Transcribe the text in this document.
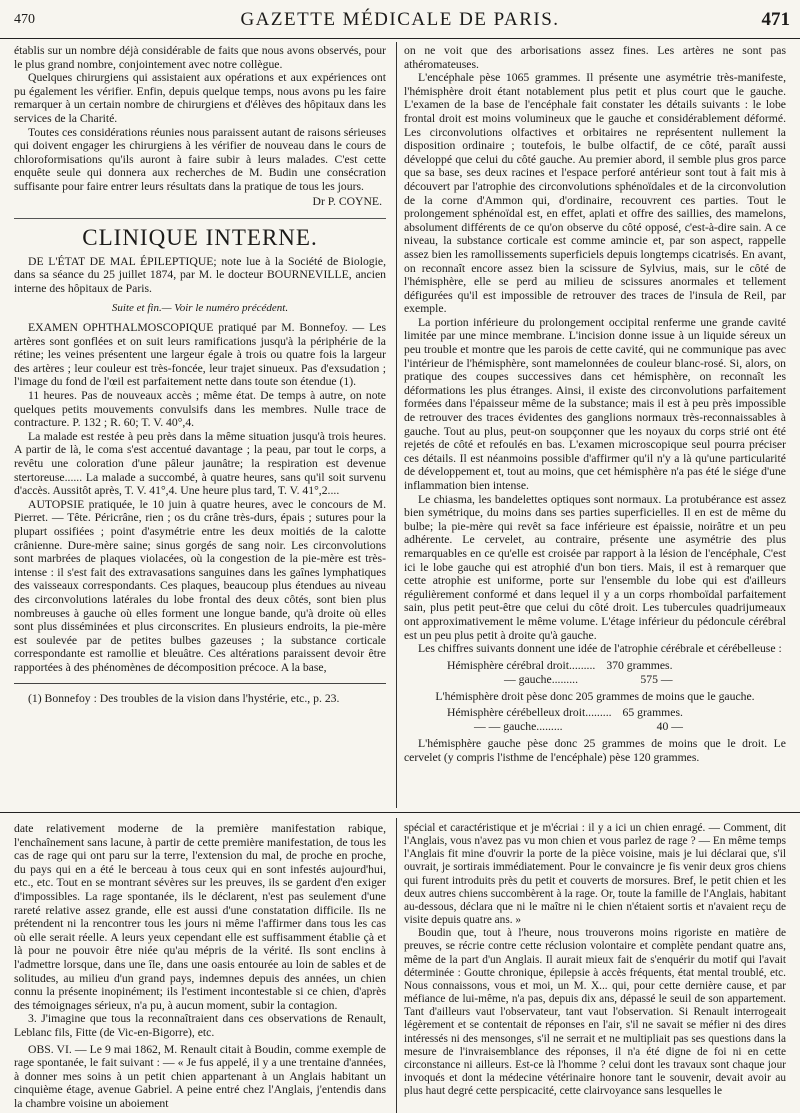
470	GAZETTE MÉDICALE DE PARIS.	471

établis sur un nombre déjà considérable de faits que nous avons observés, pour le plus grand nombre, conjointement avec notre collègue.

Quelques chirurgiens qui assistaient aux opérations et aux expériences ont pu également les vérifier. Enfin, depuis quelque temps, nous avons pu les faire remarquer à un certain nombre de chirurgiens et d'élèves des hôpitaux dans les services de la Charité.

Toutes ces considérations réunies nous paraissent autant de raisons sérieuses qui doivent engager les chirurgiens à les vérifier de nouveau dans le cours de chloroformisations qu'ils auront à faire subir à leurs malades. C'est cette enquête seule qui donnera aux recherches de M. Budin une consécration suffisante pour faire entrer leurs résultats dans la pratique de tous les jours.

Dr P. COYNE.
CLINIQUE INTERNE.

DE L'ÉTAT DE MAL ÉPILEPTIQUE; note lue à la Société de Biologie, dans sa séance du 25 juillet 1874, par M. le docteur BOURNEVILLE, ancien interne des hôpitaux de Paris.

Suite et fin.— Voir le numéro précédent.

EXAMEN OPHTHALMOSCOPIQUE pratiqué par M. Bonnefoy. — Les artères sont gonflées et on suit leurs ramifications jusqu'à la périphérie de la rétine; les veines présentent une largeur égale à trois ou quatre fois la largeur des artères ; leur couleur est très-foncée, leur trajet sinueux. Pas d'exsudation ; l'image du fond de l'œil est parfaitement nette dans toute son étendue (1).

11 heures. Pas de nouveaux accès ; même état. De temps à autre, on note quelques petits mouvements convulsifs dans les membres. Nulle trace de contracture. P. 132 ; R. 60; T. V. 40°,4.

La malade est restée à peu près dans la même situation jusqu'à trois heures. A partir de là, le coma s'est accentué davantage ; la peau, par tout le corps, a revêtu une coloration d'une pâleur jaunâtre; la respiration est devenue stertoreuse...... La malade a succombé, à quatre heures, sans qu'il soit survenu d'accès. Aussitôt après, T. V. 41°,4. Une heure plus tard, T. V. 41°,2....

AUTOPSIE pratiquée, le 10 juin à quatre heures, avec le concours de M. Pierret. — Tête. Péricrâne, rien ; os du crâne très-durs, épais ; sutures pour la plupart ossifiées ; point d'asymétrie entre les deux moitiés de la calotte crânienne. Dure-mère saine; sinus gorgés de sang noir. Les circonvolutions sont marbrées de plaques violacées, où la congestion de la pie-mère est très-intense : il s'est fait des extravasations sanguines dans les gaînes lymphatiques des vaisseaux correspondants. Ces plaques, beaucoup plus étendues au niveau des circonvolutions latérales du lobe frontal des deux côtés, sont bien plus nombreuses à gauche où elles forment une longue bande, qu'à droite où elles sont plus disséminées et plus circonscrites. En plusieurs endroits, la pie-mère est soulevée par de petites bulbes gazeuses ; la substance corticale correspondante est ramollie et bleuâtre. Ces altérations paraissent devoir être rapportées à des phénomènes de décomposition précoce. A la base,

(1) Bonnefoy : Des troubles de la vision dans l'hystérie, etc., p. 23.

on ne voit que des arborisations assez fines. Les artères ne sont pas athéromateuses.

L'encéphale pèse 1065 grammes. Il présente une asymétrie très-manifeste, l'hémisphère droit étant notablement plus petit et plus court que le gauche. L'examen de la base de l'encéphale fait constater les détails suivants : le lobe frontal droit est moins volumineux que le gauche et considérablement déformé. Les circonvolutions olfactives et orbitaires ne représentent nullement la disposition ordinaire ; toutefois, le bulbe olfactif, de ce côté, paraît aussi développé que celui du côté gauche. Au premier abord, il semble plus gros parce que sa base, ses deux racines et l'espace perforé antérieur sont tout à fait mis à découvert par l'atrophie des circonvolutions sphénoïdales et de la circonvolution de la corne d'Ammon qui, d'ordinaire, recouvrent ces parties. Tout le prolongement sphénoïdal est, en effet, aplati et offre des saillies, des mamelons, absolument différents de ce qu'on observe du côté opposé, c'est-à-dire sain. A ce niveau, la substance corticale est comme amincie et, par son aspect, rappelle assez bien les ramollissements superficiels depuis longtemps cicatrisés. En avant, on reconnaît encore assez bien la scissure de Sylvius, mais, sur le côté de l'hémisphère, elle se perd au milieu de scissures anormales et tellement défigurées qu'il est impossible de retrouver des traces de l'insula de Reil, par exemple.

La portion inférieure du prolongement occipital renferme une grande cavité limitée par une mince membrane. L'incision donne issue à un liquide séreux un peu trouble et montre que les parois de cette cavité, qui ne communique pas avec l'intérieur de l'hémisphère, sont mamelonnées de couleur blanc-rosé. Si, alors, on pratique des coupes successives dans cet hémisphère, on reconnaît les déformations les plus étranges. Ainsi, il existe des circonvolutions parfaitement formées dans l'épaisseur même de la substance; mais il est à peu près impossible de retrouver des traces évidentes des ganglions normaux très-reconnaissables à gauche. Tout au plus, peut-on soupçonner que les noyaux du corps strié ont été rejetés de côté et refoulés en bas. L'examen microscopique seul pourra préciser ces détails. Il est néanmoins possible d'affirmer qu'il n'y a là qu'une particularité de développement et, tout au moins, que cet hémisphère n'a pas été le siége d'une inflammation bien intense.

Le chiasma, les bandelettes optiques sont normaux. La protubérance est assez bien symétrique, du moins dans ses parties superficielles. Il en est de même du bulbe; la pie-mère qui revêt sa face inférieure est épaissie, noirâtre et un peu adhérente. Le cervelet, au contraire, présente une asymétrie des plus remarquables en ce qu'elle est croisée par rapport à la lésion de l'encéphale, C'est ici le lobe gauche qui est atrophié d'un bon tiers. Mais, il est à remarquer que cette atrophie est uniforme, porte sur l'ensemble du lobe qui est d'ailleurs régulièrement conformé et dans lequel il y a un corps rhomboïdal parfaitement sain, plus petit peut-être que celui du côté droit. Les tubercules quadrijumeaux ont approximativement le même volume. L'étage inférieur du pédoncule cérébral est un peu plus petit à droite qu'à gauche.

Les chiffres suivants donnent une idée de l'atrophie cérébrale et cérébelleuse :

Hémisphère cérébral droit.........	370 grammes.
— gauche.........	575 —

L'hémisphère droit pèse donc 205 grammes de moins que le gauche.

Hémisphère cérébelleux droit.........	65 grammes.
— — gauche.........	40 —

L'hémisphère gauche pèse donc 25 grammes de moins que le droit. Le cervelet (y compris l'isthme de l'encéphale) pèse 120 grammes.

date relativement moderne de la première manifestation rabique, l'enchaînement sans lacune, à partir de cette première manifestation, de tous les cas de rage qui ont paru sur la terre, l'extension du mal, de proche en proche, du pays qui en a été le berceau à tous ceux qui en sont infestés aujourd'hui, etc., etc. Tout en se montrant sévères sur les preuves, ils se gardent d'en exiger d'impossibles. La rage spontanée, ils le déclarent, n'est pas seulement d'une rareté relative assez grande, elle est aussi d'une constatation difficile. Ils ne prétendent ni la rencontrer tous les jours ni même l'affirmer dans tous les cas où elle serait réelle. A leurs yeux cependant elle est suffisamment établie çà et là pour ne pouvoir être niée qu'au mépris de la vérité. Ils sont enclins à l'admettre lorsque, dans une île, dans une oasis entourée au loin de sables et de solitudes, au milieu d'un grand pays, indemnes depuis des années, un chien connu la présente inopinément; ils l'estiment incontestable si ce chien, d'après des témoignages sérieux, n'a pu, à aucun moment, subir la contagion.

3. J'imagine que tous la reconnaîtraient dans ces observations de Renault, Leblanc fils, Fitte (de Vic-en-Bigorre), etc.

OBS. VI. — Le 9 mai 1862, M. Renault citait à Boudin, comme exemple de rage spontanée, le fait suivant : — « Je fus appelé, il y a une trentaine d'années, à donner mes soins à un petit chien appartenant à un Anglais habitant un cinquième étage, avenue Gabriel. A peine entré chez l'Anglais, j'entendis dans la chambre voisine un aboiement

spécial et caractéristique et je m'écriai : il y a ici un chien enragé. — Comment, dit l'Anglais, vous n'avez pas vu mon chien et vous parlez de rage ? — En même temps l'Anglais fit mine d'ouvrir la porte de la pièce voisine, mais je lui déclarai que, s'il ouvrait, je sortirais immédiatement. Pour le convaincre je fis venir deux gros chiens qui furent introduits près du petit et couverts de morsures. Bref, le petit chien et les deux autres chiens succombèrent à la rage. Or, toute la famille de l'Anglais, habitant au-dessous, déclara que ni le maître ni le chien n'étaient sortis et n'avaient reçu de visite depuis quatre ans. »

Boudin que, tout à l'heure, nous trouverons moins rigoriste en matière de preuves, se récrie contre cette réclusion volontaire et complète pendant quatre ans, même de la part d'un Anglais. Il aurait mieux fait de s'enquérir du motif qui l'avait déterminée : Goutte chronique, épilepsie à accès fréquents, état mental troublé, etc. Nous connaissons, vous et moi, un M. X... qui, pour cette dernière cause, et par méfiance de lui-même, n'a pas, depuis dix ans, dépassé le seuil de son appartement. Tant d'ailleurs vaut l'observateur, tant vaut l'observation. Si Renault interrogeait légèrement et se contentait de réponses en l'air, s'il ne savait se méfier ni des dires intéressés ni des mensonges, s'il ne serrait et ne multipliait pas ses questions dans la mesure de l'invraisemblance des réponses, il n'a été digne de foi ni en cette circonstance ni ailleurs. Est-ce là l'homme ? celui dont les travaux sont chaque jour invoqués et dont la médecine vétérinaire honore tant le souvenir, devait avoir au plus haut degré cette perspicacité, cette clairvoyance sans lesquelles le
